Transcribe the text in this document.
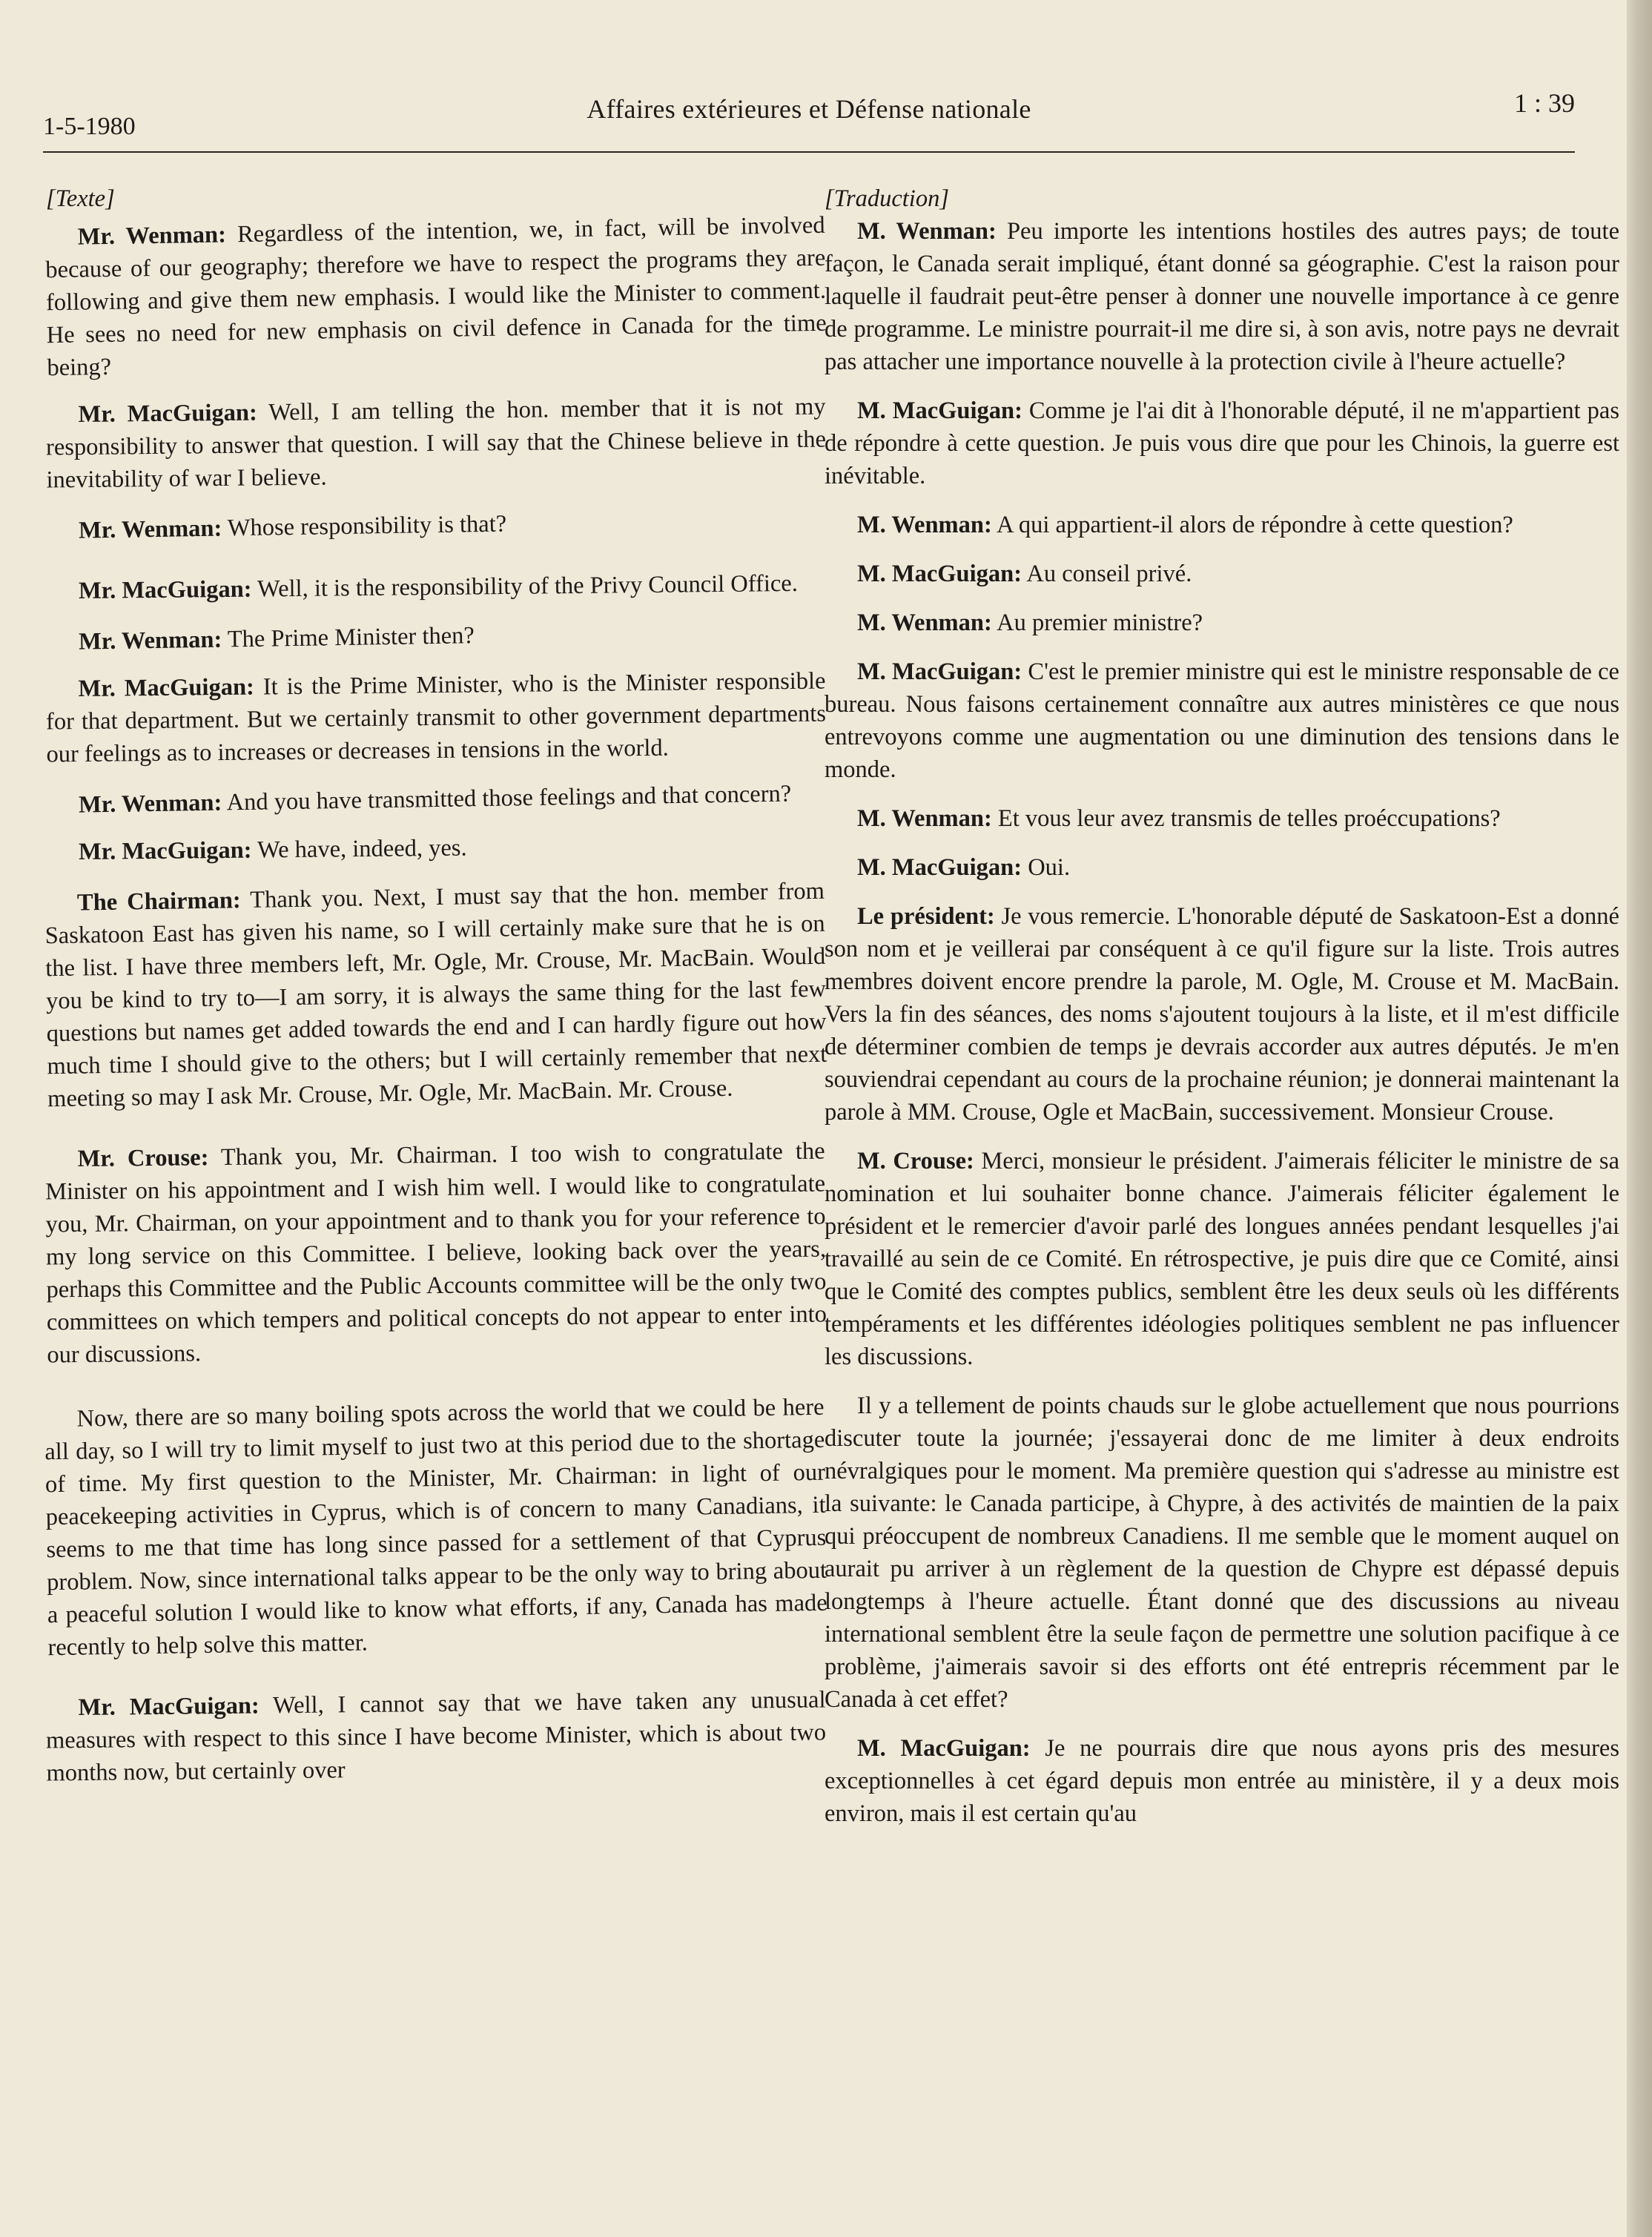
1-5-1980
Affaires extérieures et Défense nationale	1 : 39
[Texte]
Mr. Wenman: Regardless of the intention, we, in fact, will be involved because of our geography; therefore we have to respect the programs they are following and give them new emphasis. I would like the Minister to comment. He sees no need for new emphasis on civil defence in Canada for the time being?
Mr. MacGuigan: Well, I am telling the hon. member that it is not my responsibility to answer that question. I will say that the Chinese believe in the inevitability of war I believe.
Mr. Wenman: Whose responsibility is that?
Mr. MacGuigan: Well, it is the responsibility of the Privy Council Office.
Mr. Wenman: The Prime Minister then?
Mr. MacGuigan: It is the Prime Minister, who is the Minister responsible for that department. But we certainly transmit to other government departments our feelings as to increases or decreases in tensions in the world.
Mr. Wenman: And you have transmitted those feelings and that concern?
Mr. MacGuigan: We have, indeed, yes.
The Chairman: Thank you. Next, I must say that the hon. member from Saskatoon East has given his name, so I will certainly make sure that he is on the list. I have three members left, Mr. Ogle, Mr. Crouse, Mr. MacBain. Would you be kind to try to—I am sorry, it is always the same thing for the last few questions but names get added towards the end and I can hardly figure out how much time I should give to the others; but I will certainly remember that next meeting so may I ask Mr. Crouse, Mr. Ogle, Mr. MacBain. Mr. Crouse.
Mr. Crouse: Thank you, Mr. Chairman. I too wish to congratulate the Minister on his appointment and I wish him well. I would like to congratulate you, Mr. Chairman, on your appointment and to thank you for your reference to my long service on this Committee. I believe, looking back over the years, perhaps this Committee and the Public Accounts committee will be the only two committees on which tempers and political concepts do not appear to enter into our discussions.
Now, there are so many boiling spots across the world that we could be here all day, so I will try to limit myself to just two at this period due to the shortage of time. My first question to the Minister, Mr. Chairman: in light of our peacekeeping activities in Cyprus, which is of concern to many Canadians, it seems to me that time has long since passed for a settlement of that Cyprus problem. Now, since international talks appear to be the only way to bring about a peaceful solution I would like to know what efforts, if any, Canada has made recently to help solve this matter.
Mr. MacGuigan: Well, I cannot say that we have taken any unusual measures with respect to this since I have become Minister, which is about two months now, but certainly over
[Traduction]
M. Wenman: Peu importe les intentions hostiles des autres pays; de toute façon, le Canada serait impliqué, étant donné sa géographie. C'est la raison pour laquelle il faudrait peut-être penser à donner une nouvelle importance à ce genre de programme. Le ministre pourrait-il me dire si, à son avis, notre pays ne devrait pas attacher une importance nouvelle à la protection civile à l'heure actuelle?
M. MacGuigan: Comme je l'ai dit à l'honorable député, il ne m'appartient pas de répondre à cette question. Je puis vous dire que pour les Chinois, la guerre est inévitable.
M. Wenman: A qui appartient-il alors de répondre à cette question?
M. MacGuigan: Au conseil privé.
M. Wenman: Au premier ministre?
M. MacGuigan: C'est le premier ministre qui est le ministre responsable de ce bureau. Nous faisons certainement connaître aux autres ministères ce que nous entrevoyons comme une augmentation ou une diminution des tensions dans le monde.
M. Wenman: Et vous leur avez transmis de telles proéccupations?
M. MacGuigan: Oui.
Le président: Je vous remercie. L'honorable député de Saskatoon-Est a donné son nom et je veillerai par conséquent à ce qu'il figure sur la liste. Trois autres membres doivent encore prendre la parole, M. Ogle, M. Crouse et M. MacBain. Vers la fin des séances, des noms s'ajoutent toujours à la liste, et il m'est difficile de déterminer combien de temps je devrais accorder aux autres députés. Je m'en souviendrai cependant au cours de la prochaine réunion; je donnerai maintenant la parole à MM. Crouse, Ogle et MacBain, successivement. Monsieur Crouse.
M. Crouse: Merci, monsieur le président. J'aimerais féliciter le ministre de sa nomination et lui souhaiter bonne chance. J'aimerais féliciter également le président et le remercier d'avoir parlé des longues années pendant lesquelles j'ai travaillé au sein de ce Comité. En rétrospective, je puis dire que ce Comité, ainsi que le Comité des comptes publics, semblent être les deux seuls où les différents tempéraments et les différentes idéologies politiques semblent ne pas influencer les discussions.
Il y a tellement de points chauds sur le globe actuellement que nous pourrions discuter toute la journée; j'essayerai donc de me limiter à deux endroits névralgiques pour le moment. Ma première question qui s'adresse au ministre est la suivante: le Canada participe, à Chypre, à des activités de maintien de la paix qui préoccupent de nombreux Canadiens. Il me semble que le moment auquel on aurait pu arriver à un règlement de la question de Chypre est dépassé depuis longtemps à l'heure actuelle. Étant donné que des discussions au niveau international semblent être la seule façon de permettre une solution pacifique à ce problème, j'aimerais savoir si des efforts ont été entrepris récemment par le Canada à cet effet?
M. MacGuigan: Je ne pourrais dire que nous ayons pris des mesures exceptionnelles à cet égard depuis mon entrée au ministère, il y a deux mois environ, mais il est certain qu'au
